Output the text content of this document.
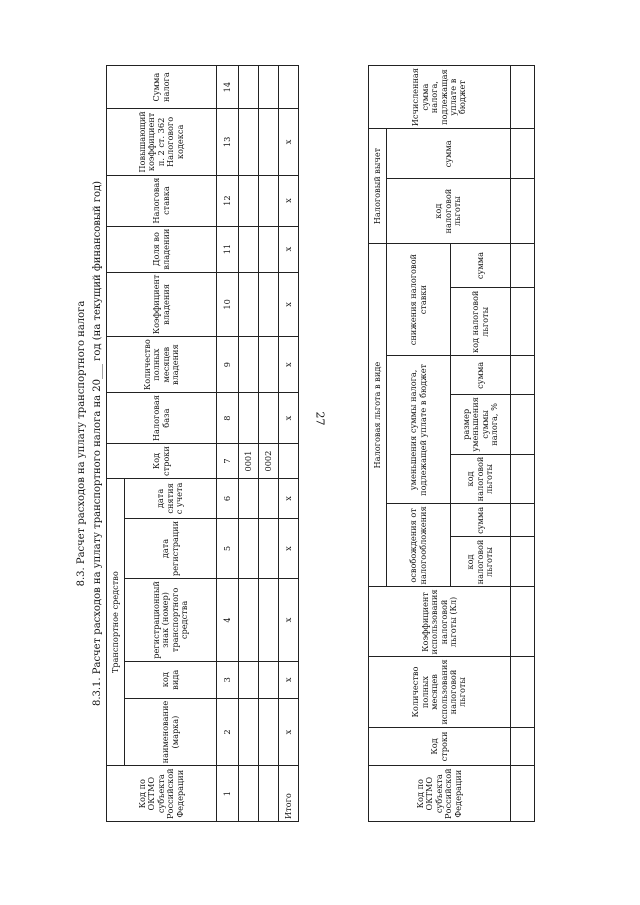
27
8.3. Расчет расходов на уплату транспортного налога 8.3.1. Расчет расходов на уплату транспортного налога на 20___ год (на текущий финансовый год)
Код по ОКТМО субъекта Российской Федерации	Транспортное средство					Код строки	Налоговая база	Количество полных месяцев владения	Коэффициент владения	Доля во владении	Налоговая ставка	Повышающий коэффициент п. 2 ст. 362 Налогового кодекса	Сумма налога
	наименование (марка)	код вида	регистрационный знак (номер) транспортного средства	дата регистрации	дата снятия с учета								
1	2	3	4	5	6	7	8	9	10	11	12	13	14
						0001							
						0002							
Итого	x	x	x	x	x		x	x	x	x	x	x	
Код по ОКТМО субъекта Российской Федерации	Код строки	Количество полных месяцев использования налоговой льготы	Коэффициент использования налоговой льготы (Кл)	Налоговая льгота в виде							Налоговый вычет		Исчисленная сумма налога, подлежащая уплате в бюджет
				освобождения от налогообложения		уменьшения суммы налога, подлежащей уплате в бюджет			снижения налоговой ставки		код налоговой льготы	сумма	
				код налоговой льготы	сумма	код налоговой льготы	размер уменьшения суммы налога, %	сумма	код налоговой льготы	сумма			
